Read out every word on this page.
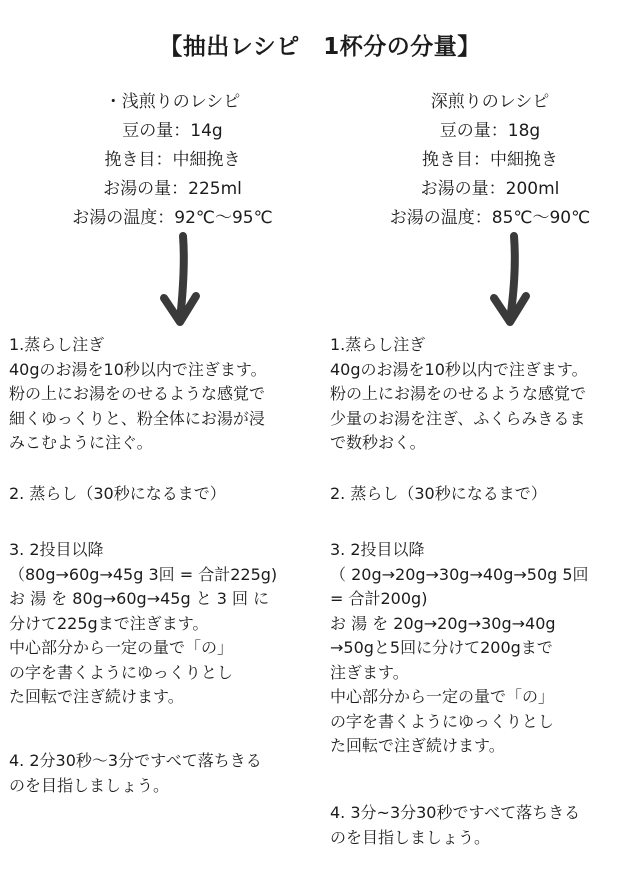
【抽出レシピ　1杯分の分量】
・浅煎りのレシピ
豆の量：14g
挽き目：中細挽き
お湯の量：225ml
お湯の温度：92℃〜95℃
深煎りのレシピ
豆の量：18g
挽き目：中細挽き
お湯の量：200ml
お湯の温度：85℃〜90℃
1.蒸らし注ぎ
40gのお湯を10秒以内で注ぎます。
粉の上にお湯をのせるような感覚で
細くゆっくりと、粉全体にお湯が浸
みこむように注ぐ。
2. 蒸らし（30秒になるまで）
3. 2投目以降
（80g→60g→45g 3回 = 合計225g)
お 湯 を 80g→60g→45g と 3 回 に
分けて225gまで注ぎます。
中心部分から一定の量で「の」
の字を書くようにゆっくりとし
た回転で注ぎ続けます。
4. 2分30秒〜3分ですべて落ちきる
のを目指しましょう。
1.蒸らし注ぎ
40gのお湯を10秒以内で注ぎます。
粉の上にお湯をのせるような感覚で
少量のお湯を注ぎ、ふくらみきるま
で数秒おく。
2. 蒸らし（30秒になるまで）
3. 2投目以降
（ 20g→20g→30g→40g→50g 5回
= 合計200g)
お 湯 を 20g→20g→30g→40g
→50gと5回に分けて200gまで
注ぎます。
中心部分から一定の量で「の」
の字を書くようにゆっくりとし
た回転で注ぎ続けます。
4. 3分~3分30秒ですべて落ちきる
のを目指しましょう。
